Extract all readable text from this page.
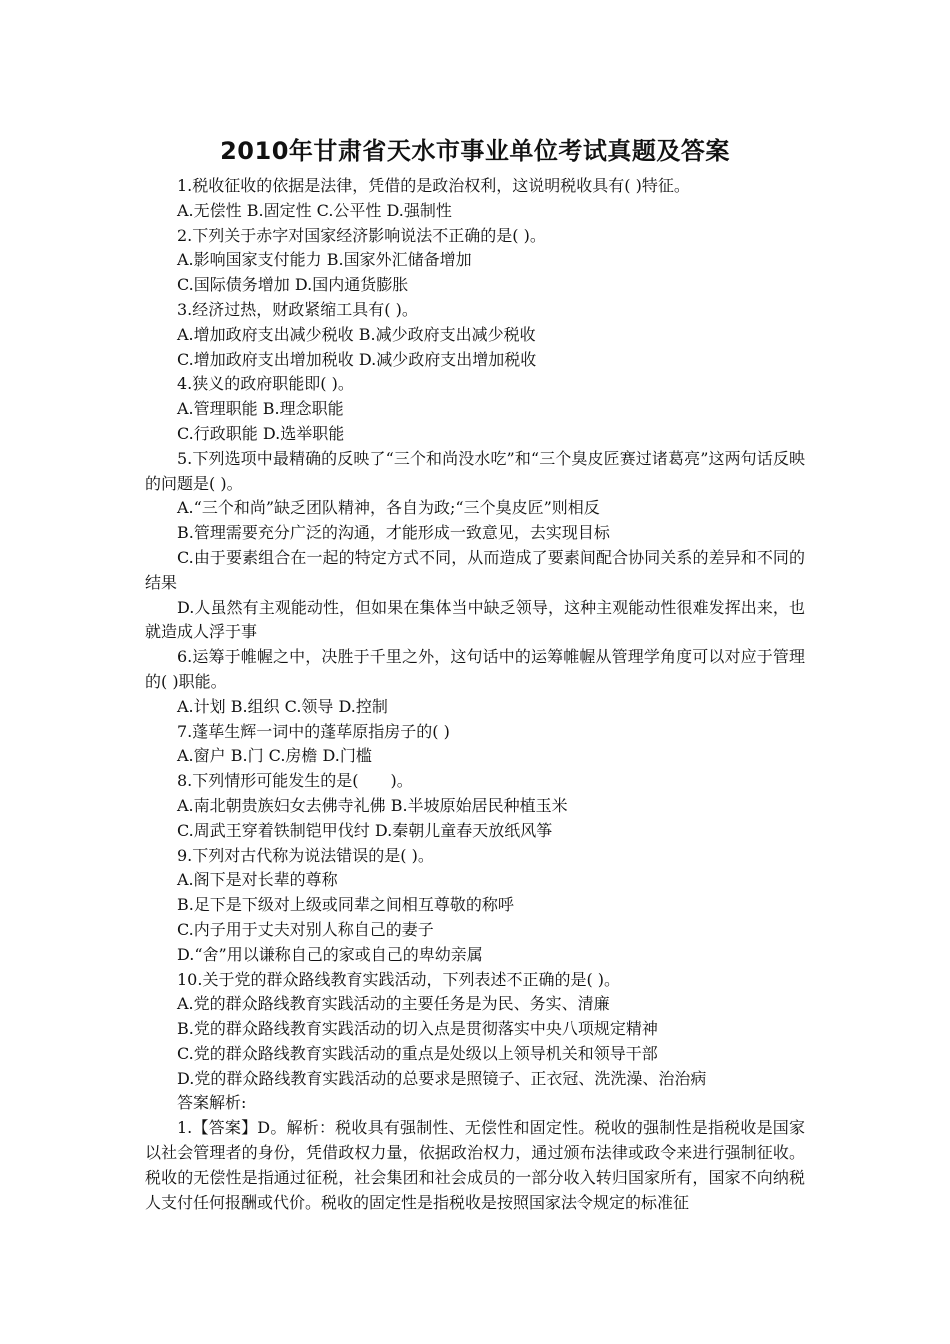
2010年甘肃省天水市事业单位考试真题及答案

1.税收征收的依据是法律，凭借的是政治权利，这说明税收具有( )特征。

A.无偿性 B.固定性 C.公平性 D.强制性

2.下列关于赤字对国家经济影响说法不正确的是( )。

A.影响国家支付能力 B.国家外汇储备增加

C.国际债务增加 D.国内通货膨胀

3.经济过热，财政紧缩工具有( )。

A.增加政府支出减少税收 B.减少政府支出减少税收

C.增加政府支出增加税收 D.减少政府支出增加税收

4.狭义的政府职能即( )。

A.管理职能 B.理念职能

C.行政职能 D.选举职能

5.下列选项中最精确的反映了“三个和尚没水吃”和“三个臭皮匠赛过诸葛亮”这两句话反映的问题是( )。

A.“三个和尚”缺乏团队精神，各自为政;“三个臭皮匠”则相反

B.管理需要充分广泛的沟通，才能形成一致意见，去实现目标

C.由于要素组合在一起的特定方式不同，从而造成了要素间配合协同关系的差异和不同的结果

D.人虽然有主观能动性，但如果在集体当中缺乏领导，这种主观能动性很难发挥出来，也就造成人浮于事

6.运筹于帷幄之中，决胜于千里之外，这句话中的运筹帷幄从管理学角度可以对应于管理的( )职能。

A.计划 B.组织 C.领导 D.控制

7.蓬荜生辉一词中的蓬荜原指房子的( )

A.窗户 B.门 C.房檐 D.门槛

8.下列情形可能发生的是(　　)。

A.南北朝贵族妇女去佛寺礼佛 B.半坡原始居民种植玉米

C.周武王穿着铁制铠甲伐纣 D.秦朝儿童春天放纸风筝

9.下列对古代称为说法错误的是( )。

A.阁下是对长辈的尊称

B.足下是下级对上级或同辈之间相互尊敬的称呼

C.内子用于丈夫对别人称自己的妻子

D.“舍”用以谦称自己的家或自己的卑幼亲属

10.关于党的群众路线教育实践活动，下列表述不正确的是( )。

A.党的群众路线教育实践活动的主要任务是为民、务实、清廉

B.党的群众路线教育实践活动的切入点是贯彻落实中央八项规定精神

C.党的群众路线教育实践活动的重点是处级以上领导机关和领导干部

D.党的群众路线教育实践活动的总要求是照镜子、正衣冠、洗洗澡、治治病

答案解析:

1.【答案】D。解析：税收具有强制性、无偿性和固定性。税收的强制性是指税收是国家以社会管理者的身份，凭借政权力量，依据政治权力，通过颁布法律或政令来进行强制征收。税收的无偿性是指通过征税，社会集团和社会成员的一部分收入转归国家所有，国家不向纳税人支付任何报酬或代价。税收的固定性是指税收是按照国家法令规定的标准征
